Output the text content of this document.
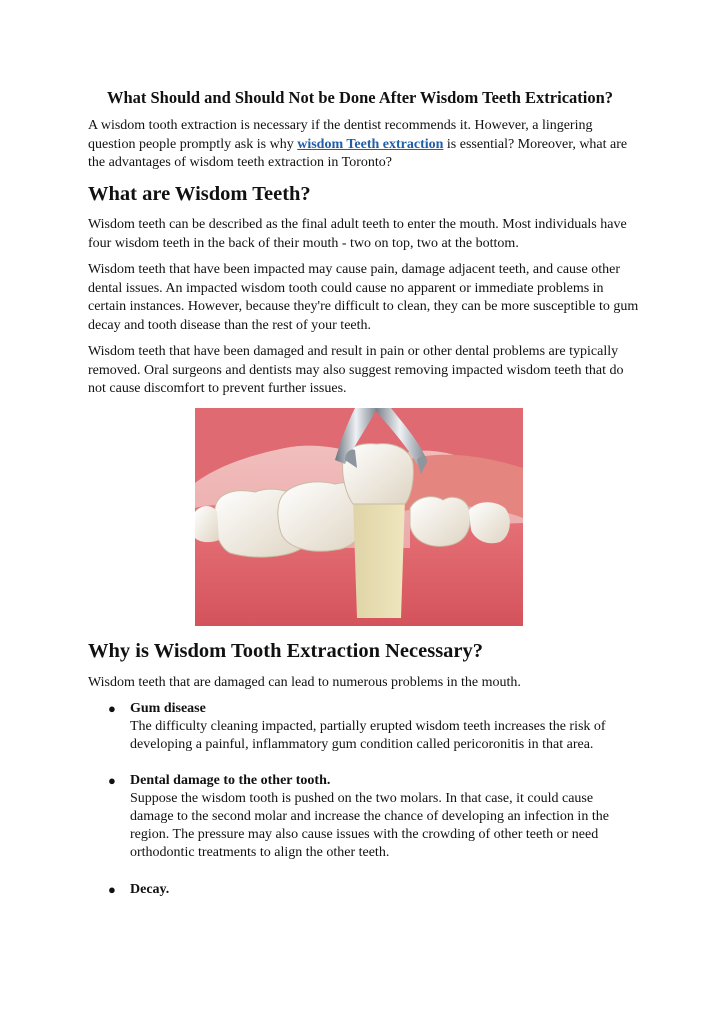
What Should and Should Not be Done After Wisdom Teeth Extrication?

A wisdom tooth extraction is necessary if the dentist recommends it. However, a lingering question people promptly ask is why wisdom Teeth extraction is essential? Moreover, what are the advantages of wisdom teeth extraction in Toronto?

What are Wisdom Teeth?

Wisdom teeth can be described as the final adult teeth to enter the mouth. Most individuals have four wisdom teeth in the back of their mouth - two on top, two at the bottom.

Wisdom teeth that have been impacted may cause pain, damage adjacent teeth, and cause other dental issues. An impacted wisdom tooth could cause no apparent or immediate problems in certain instances. However, because they're difficult to clean, they can be more susceptible to gum decay and tooth disease than the rest of your teeth.

Wisdom teeth that have been damaged and result in pain or other dental problems are typically removed. Oral surgeons and dentists may also suggest removing impacted wisdom teeth that do not cause discomfort to prevent further issues.

Why is Wisdom Tooth Extraction Necessary?

Wisdom teeth that are damaged can lead to numerous problems in the mouth.

● Gum disease
The difficulty cleaning impacted, partially erupted wisdom teeth increases the risk of developing a painful, inflammatory gum condition called pericoronitis in that area.
● Dental damage to the other tooth.
Suppose the wisdom tooth is pushed on the two molars. In that case, it could cause damage to the second molar and increase the chance of developing an infection in the region. The pressure may also cause issues with the crowding of other teeth or need orthodontic treatments to align the other teeth.
● Decay.
